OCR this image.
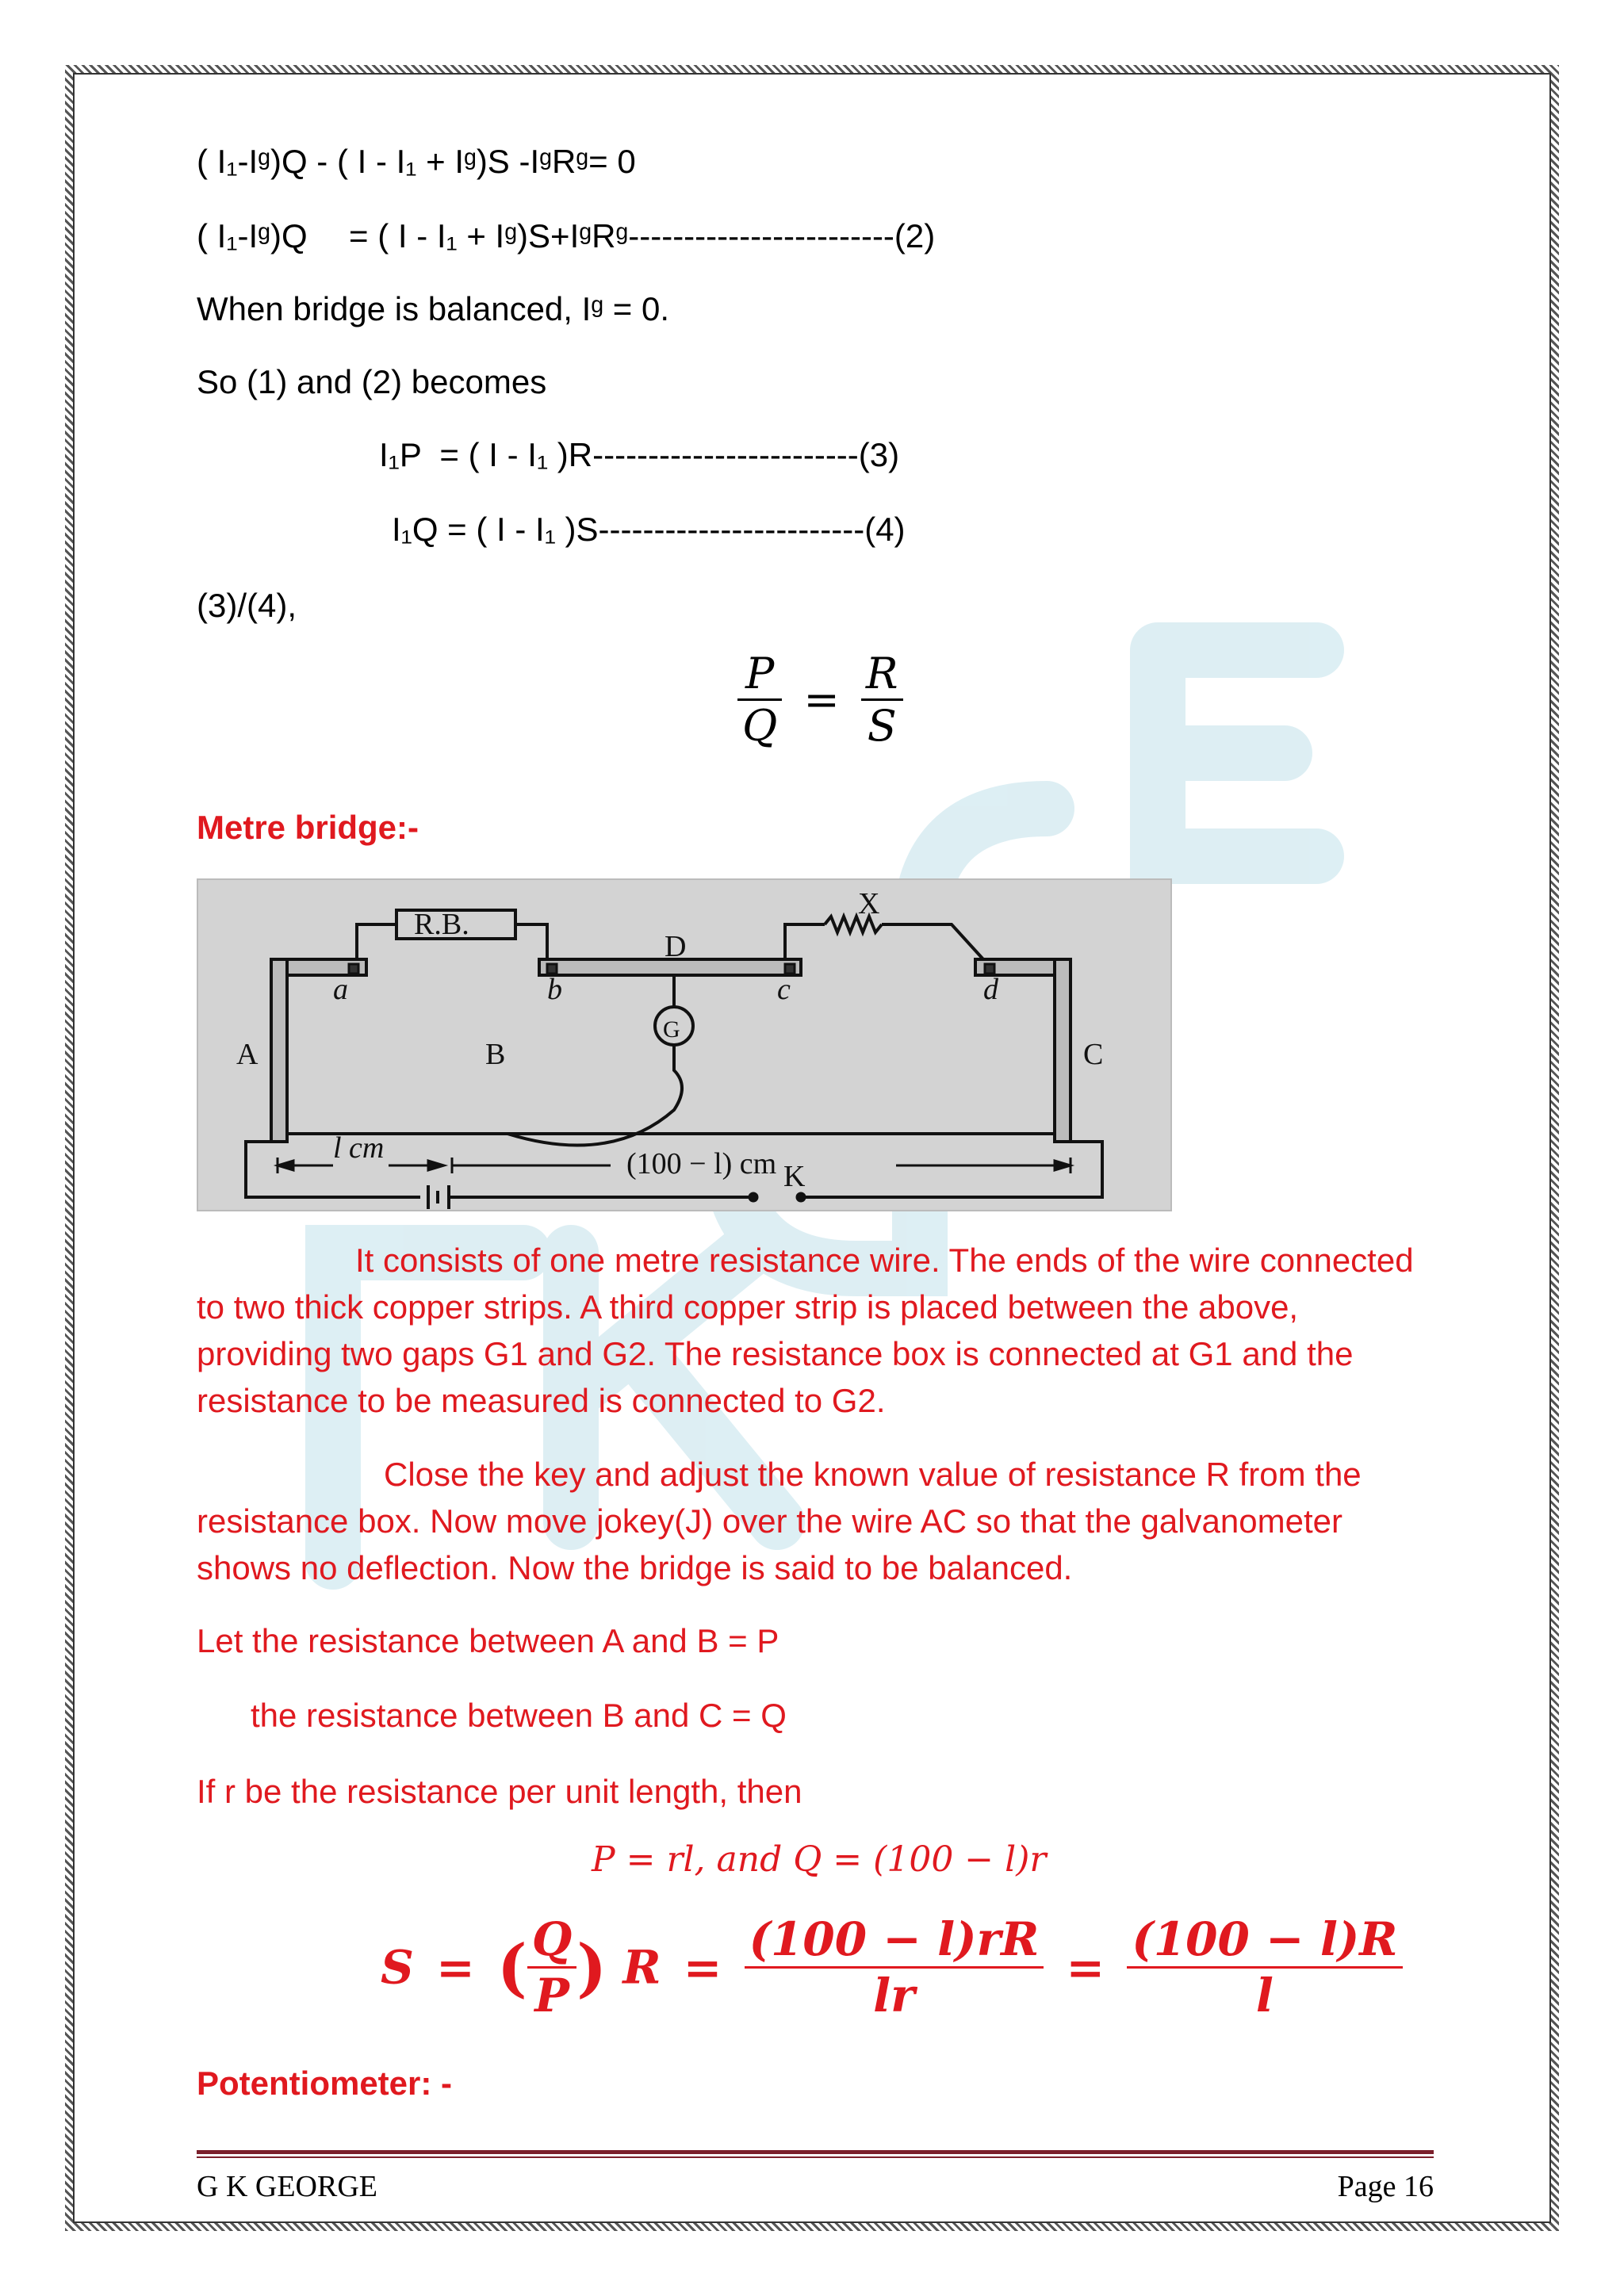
( I₁-Iᵍ)Q - ( I - I₁ + Iᵍ)S -IᵍRᵍ= 0
( I₁-Iᵍ)Q = ( I - I₁ + Iᵍ)S+IᵍRᵍ------------------------(2)
When bridge is balanced, Iᵍ = 0.
So (1) and (2) becomes
I₁P  = ( I - I₁ )R------------------------(3)
I₁Q = ( I - I₁ )S------------------------(4)
(3)/(4),
$\frac{P}{Q} = \frac{R}{S}$
Metre bridge:-
R.B.
a	b	c	d
D
G
A	B	C
X
K
l cm	(100 − l) cm
It consists of one metre resistance wire. The ends of the wire connected to two thick copper strips. A third copper strip is placed between the above, providing two gaps G1 and G2. The resistance box is connected at G1 and the resistance to be measured is connected to G2.
Close the key and adjust the known value of resistance R from the resistance box. Now move jokey(J) over the wire AC so that the galvanometer shows no deflection. Now the bridge is said to be balanced.
Let the resistance between A and B = P
the resistance between B and C = Q
If r be the resistance per unit length, then
P = rl, and Q = (100 − l)r
S = ( $\frac{Q}{P}$ ) $R = \frac{(100 - l)rR}{lr} = \frac{(100 - l)R}{l}$
Potentiometer: -
G K GEORGE	Page 16
